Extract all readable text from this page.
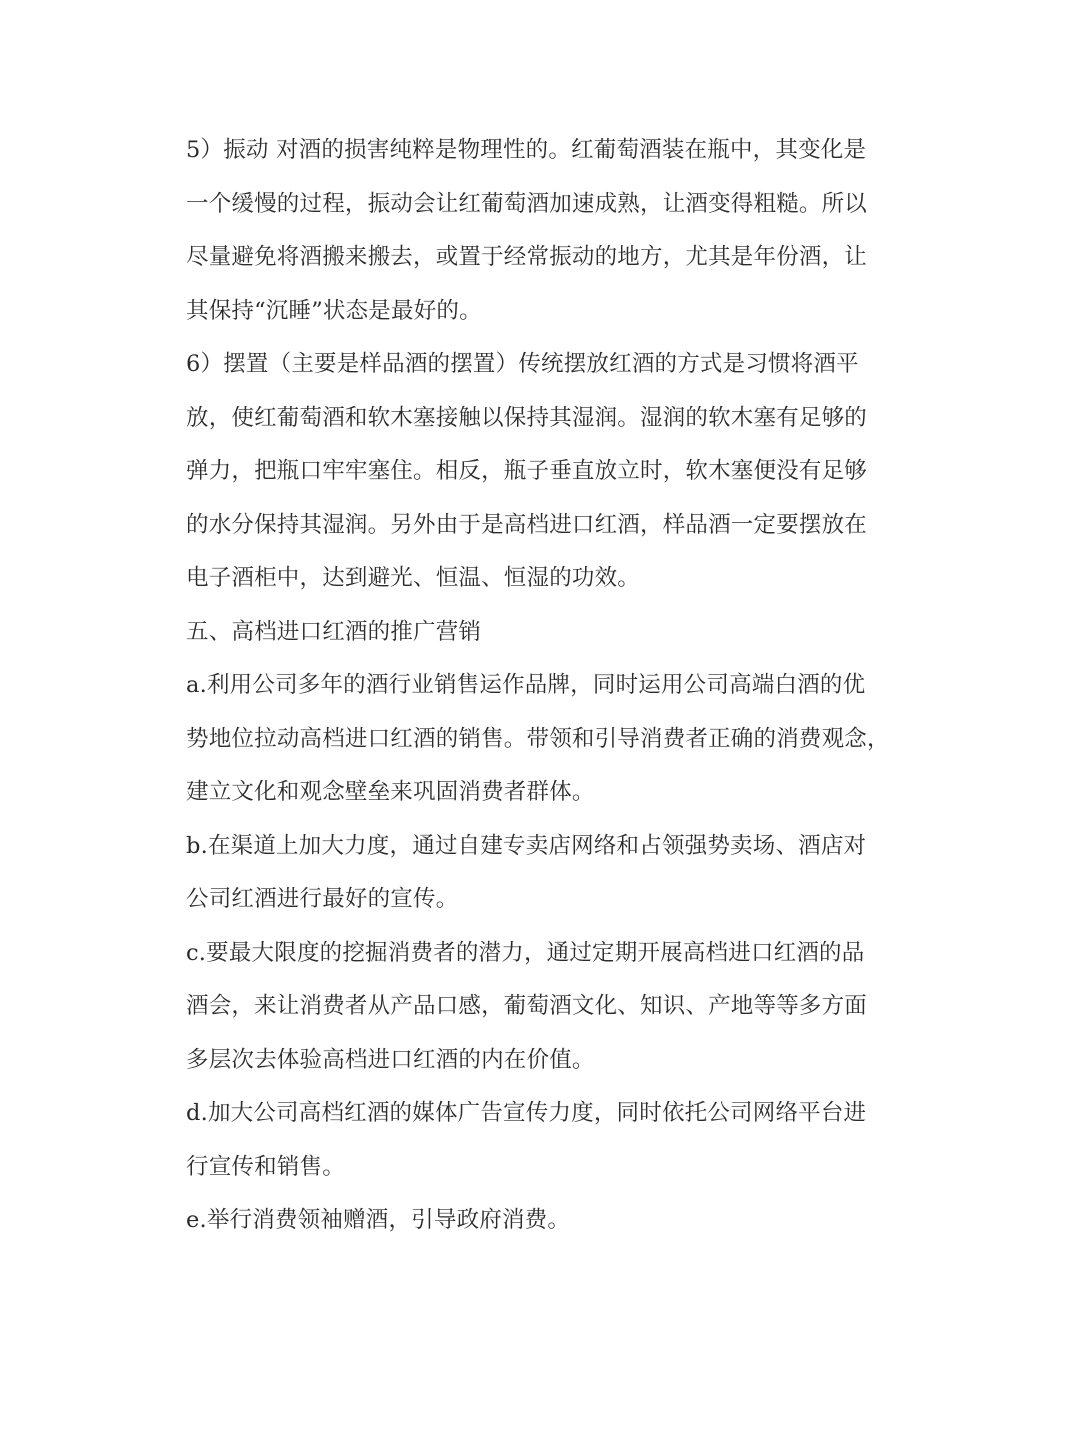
5）振动 对酒的损害纯粹是物理性的。红葡萄酒装在瓶中，其变化是
一个缓慢的过程，振动会让红葡萄酒加速成熟，让酒变得粗糙。所以
尽量避免将酒搬来搬去，或置于经常振动的地方，尤其是年份酒，让
其保持“沉睡”状态是最好的。
6）摆置（主要是样品酒的摆置）传统摆放红酒的方式是习惯将酒平
放，使红葡萄酒和软木塞接触以保持其湿润。湿润的软木塞有足够的
弹力，把瓶口牢牢塞住。相反，瓶子垂直放立时，软木塞便没有足够
的水分保持其湿润。另外由于是高档进口红酒，样品酒一定要摆放在
电子酒柜中，达到避光、恒温、恒湿的功效。
五、高档进口红酒的推广营销
a.利用公司多年的酒行业销售运作品牌，同时运用公司高端白酒的优
势地位拉动高档进口红酒的销售。带领和引导消费者正确的消费观念，
建立文化和观念壁垒来巩固消费者群体。
b.在渠道上加大力度，通过自建专卖店网络和占领强势卖场、酒店对
公司红酒进行最好的宣传。
c.要最大限度的挖掘消费者的潜力，通过定期开展高档进口红酒的品
酒会，来让消费者从产品口感，葡萄酒文化、知识、产地等等多方面
多层次去体验高档进口红酒的内在价值。
d.加大公司高档红酒的媒体广告宣传力度，同时依托公司网络平台进
行宣传和销售。
e.举行消费领袖赠酒，引导政府消费。
